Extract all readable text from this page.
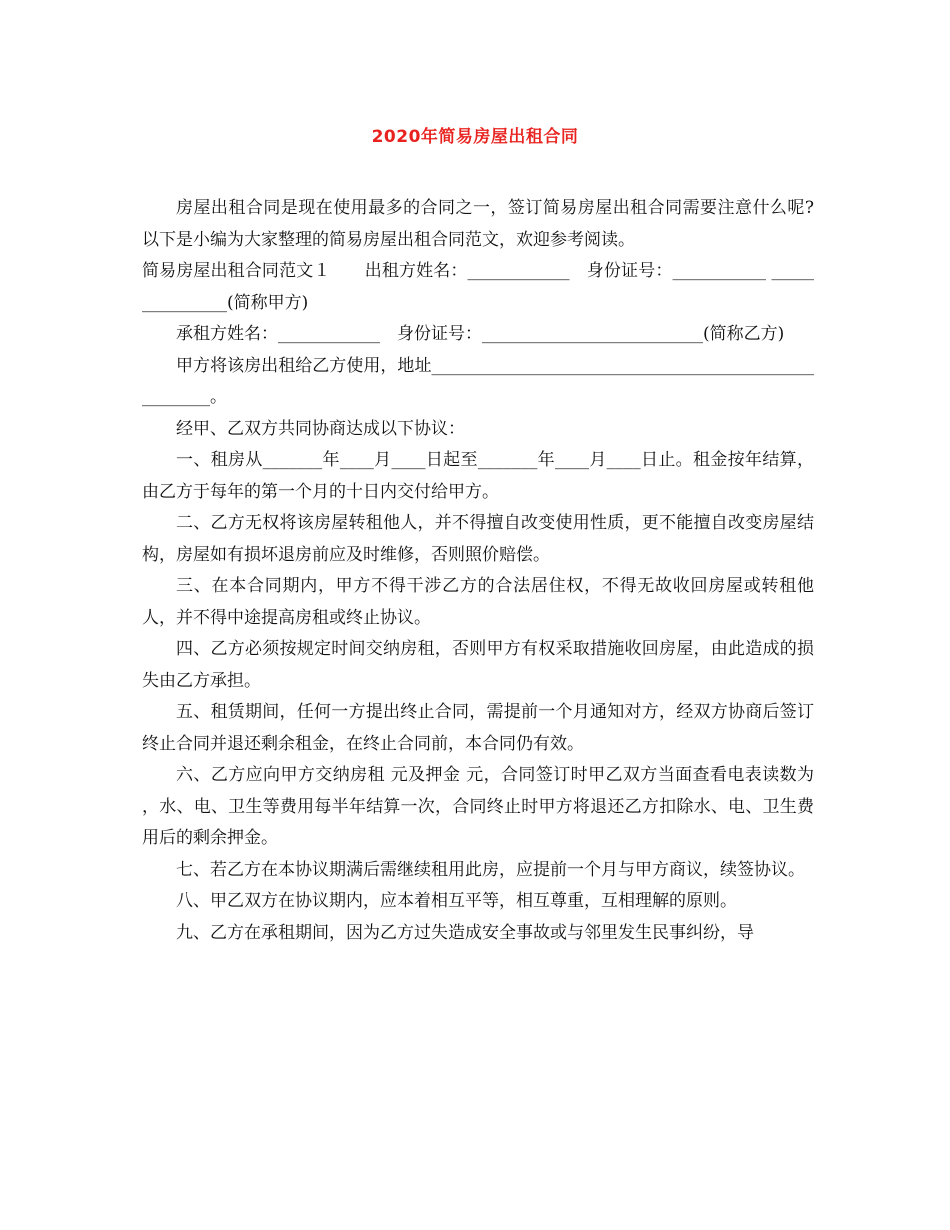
2020年简易房屋出租合同

房屋出租合同是现在使用最多的合同之一，签订简易房屋出租合同需要注意什么呢?以下是小编为大家整理的简易房屋出租合同范文，欢迎参考阅读。

简易房屋出租合同范文１　　出租方姓名：____________　身份证号：___________ _______________(简称甲方)

承租方姓名：____________　身份证号：__________________________(简称乙方)

甲方将该房出租给乙方使用，地址_____________________________________________________。

经甲、乙双方共同协商达成以下协议：

一、租房从_______年____月____日起至_______年____月____日止。租金按年结算，由乙方于每年的第一个月的十日内交付给甲方。

二、乙方无权将该房屋转租他人，并不得擅自改变使用性质，更不能擅自改变房屋结构，房屋如有损坏退房前应及时维修，否则照价赔偿。

三、在本合同期内，甲方不得干涉乙方的合法居住权，不得无故收回房屋或转租他人，并不得中途提高房租或终止协议。

四、乙方必须按规定时间交纳房租，否则甲方有权采取措施收回房屋，由此造成的损失由乙方承担。

五、租赁期间，任何一方提出终止合同，需提前一个月通知对方，经双方协商后签订终止合同并退还剩余租金，在终止合同前，本合同仍有效。

六、乙方应向甲方交纳房租 元及押金 元，合同签订时甲乙双方当面查看电表读数为 ，水、电、卫生等费用每半年结算一次，合同终止时甲方将退还乙方扣除水、电、卫生费用后的剩余押金。

七、若乙方在本协议期满后需继续租用此房，应提前一个月与甲方商议，续签协议。

八、甲乙双方在协议期内，应本着相互平等，相互尊重，互相理解的原则。

九、乙方在承租期间，因为乙方过失造成安全事故或与邻里发生民事纠纷，导
